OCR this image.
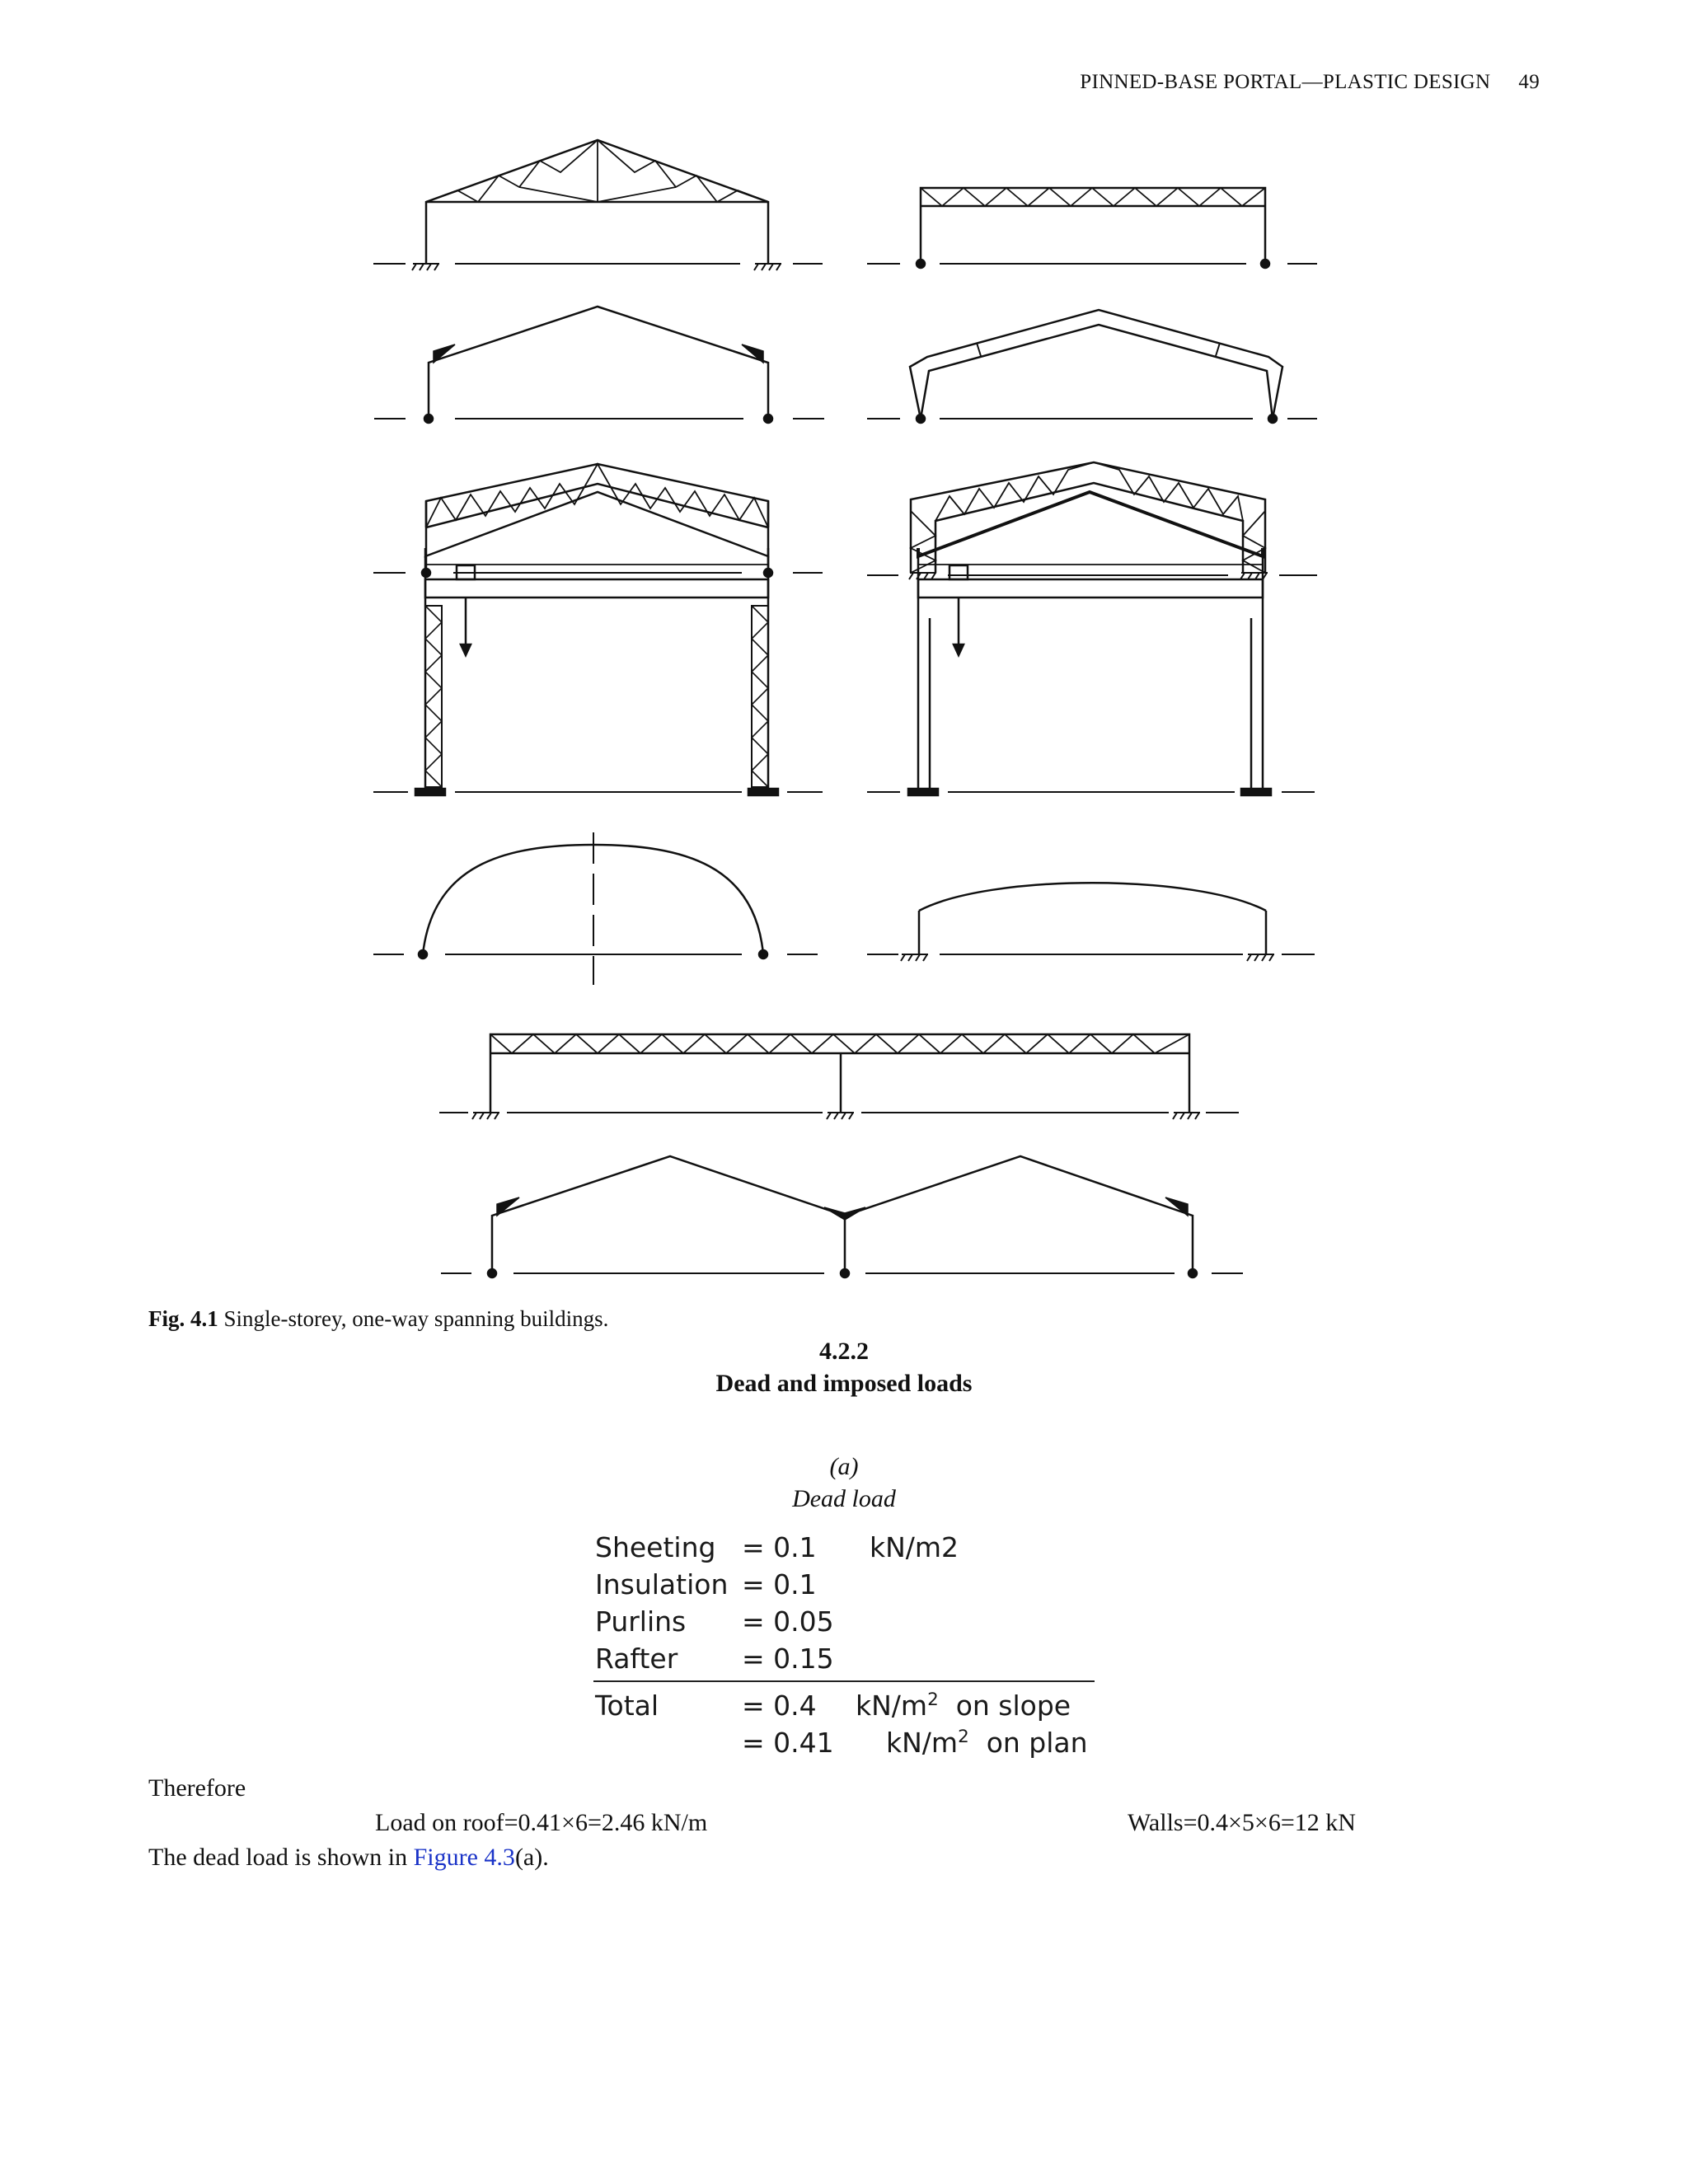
PINNED-BASE PORTAL—PLASTIC DESIGN 49
Fig. 4.1 Single-storey, one-way spanning buildings.
4.2.2
Dead and imposed loads
(a)
Dead load
Sheeting = 0.1 kN/m2
Insulation = 0.1
Purlins = 0.05
Rafter = 0.15
Total	= 0.4 $kN/m^2$ on slope
= 0.41 $kN/m^2$ on plan
Therefore
Load on roof=0.41×6=2.46 kN/m	Walls=0.4×5×6=12 kN
The dead load is shown in Figure 4.3(a).
